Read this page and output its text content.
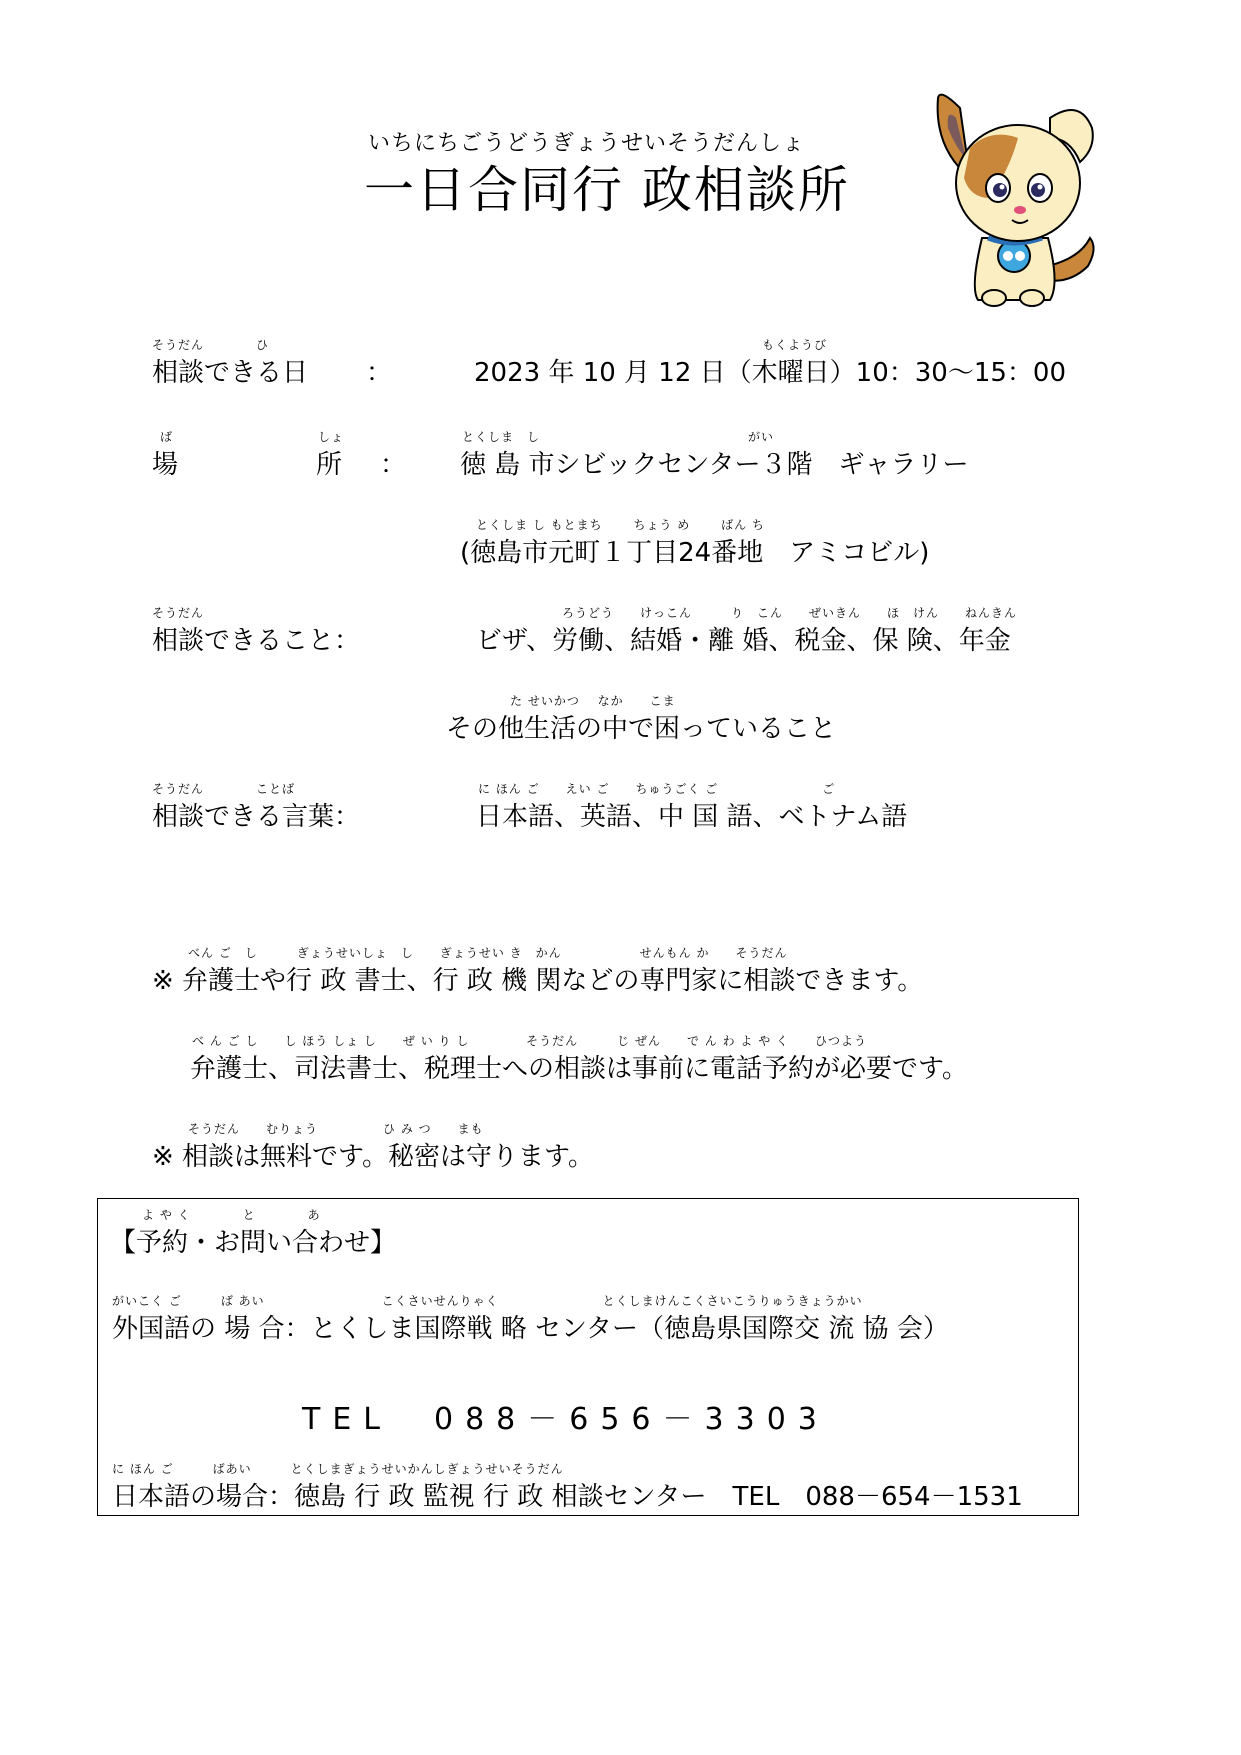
いちにちごうどうぎょうせいそうだんしょ
一日合同行 政相談所
そうだん　　　　ひ
相談できる日 ：
もくようび
2023 年 10 月 12 日（木曜日）10：30～15：00
ば
場
しょ
所 ：
とくしま　し　　　　　　　　　　　　　　　　がい
徳 島 市シビックセンター３階　ギャラリー
とくしま し もとまち　　 ちょう め　 　ばん ち
(徳島市元町１丁目24番地　アミコビル)
そうだん
相談できること：
ろうどう　　けっこん　　　り　こん　　ぜいきん　　ほ　けん　　ねんきん
ビザ、労働、結婚・離 婚、税金、保 険、年金
た せいかつ　 なか　　こま
その他生活の中で困っていること
そうだん　　　　ことば
相談できる言葉：
に ほん ご　　えい ご　　ちゅうごく ご　　　　　　　　ご
日本語、英語、中 国 語、ベトナム語
べん ご　し　　　ぎょうせいしょ　し　　ぎょうせい き　かん　　　　　　せんもん か　　そうだん
※ 弁護士や行 政 書士、行 政 機 関などの専門家に相談できます。
べ ん ご し　　し ほう しょ し　　ぜ い り し　　　　 そうだん　　　じ ぜん　　で ん わ よ や く　　ひつよう
弁護士、司法書士、税理士への相談は事前に電話予約が必要です。
そうだん　　むりょう　　　　　ひ み つ　　まも
※ 相談は無料です。秘密は守ります。
よ や く　　　　と　　　　あ
【予約・お問い合わせ】
がいこく ご　　　ば あい　　　　　　　　　こくさいせんりゃく　　　　　　　　とくしまけんこくさいこうりゅうきょうかい
外国語の 場 合：とくしま国際戦 略 センター（徳島県国際交 流 協 会）
TEL　088－656－3303
に ほん ご　　　ばあい　　　とくしまぎょうせいかんしぎょうせいそうだん
日本語の場合：徳島 行 政 監視 行 政 相談センター　TEL　088－654－1531
